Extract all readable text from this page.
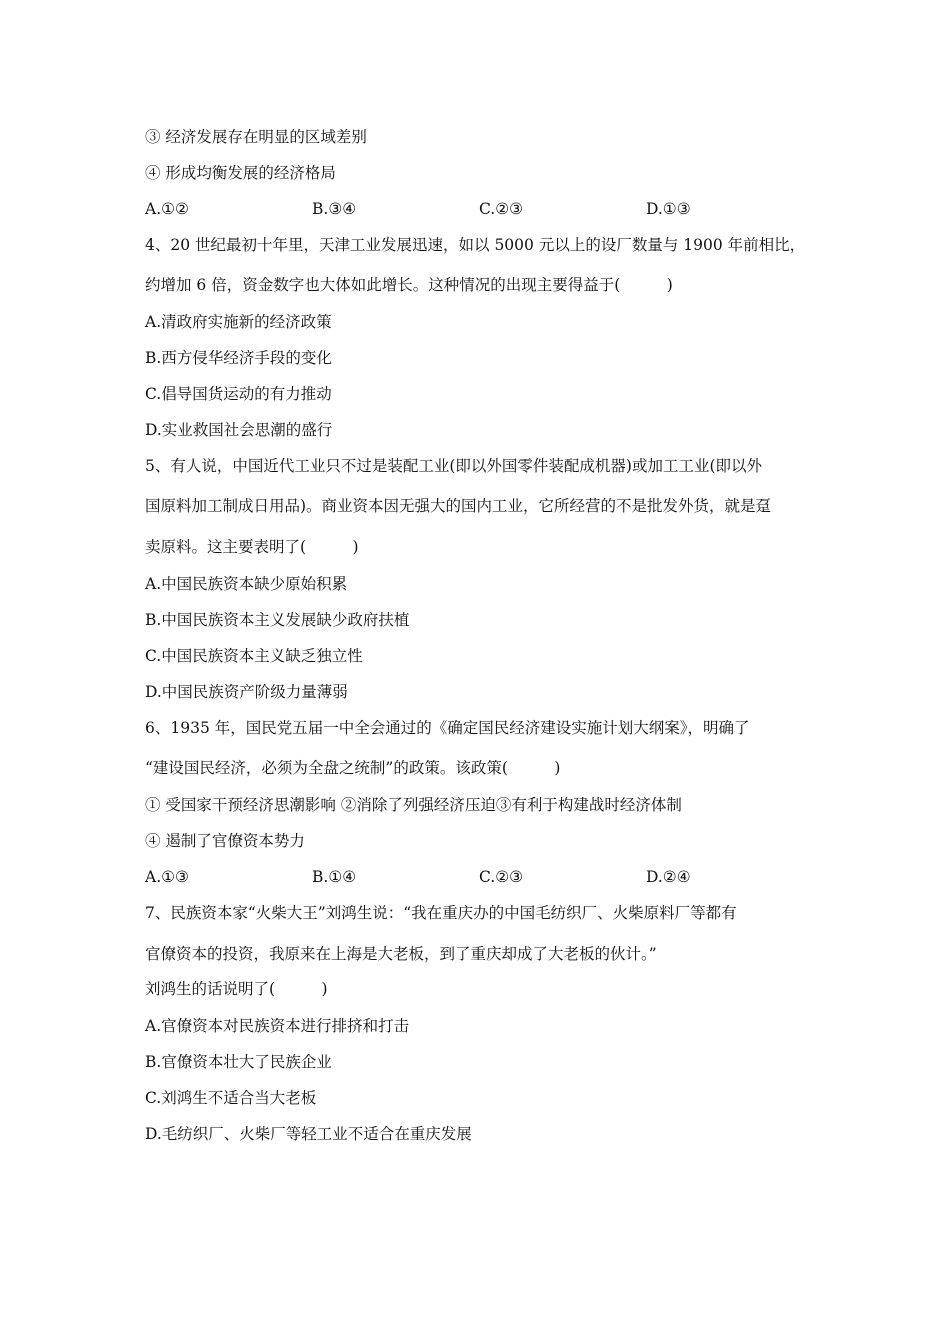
③ 经济发展存在明显的区域差别
④ 形成均衡发展的经济格局
A.①②	B.③④	C.②③	D.①③
4、20 世纪最初十年里，天津工业发展迅速，如以 5000 元以上的设厂数量与 1900 年前相比，
约增加 6 倍，资金数字也大体如此增长。这种情况的出现主要得益于(　　　)
A.清政府实施新的经济政策
B.西方侵华经济手段的变化
C.倡导国货运动的有力推动
D.实业救国社会思潮的盛行
5、有人说，中国近代工业只不过是装配工业(即以外国零件装配成机器)或加工工业(即以外
国原料加工制成日用品)。商业资本因无强大的国内工业，它所经营的不是批发外货，就是趸
卖原料。这主要表明了(　　　)
A.中国民族资本缺少原始积累
B.中国民族资本主义发展缺少政府扶植
C.中国民族资本主义缺乏独立性
D.中国民族资产阶级力量薄弱
6、1935 年，国民党五届一中全会通过的《确定国民经济建设实施计划大纲案》，明确了
“建设国民经济，必须为全盘之统制”的政策。该政策(　　　)
① 受国家干预经济思潮影响 ②消除了列强经济压迫③有利于构建战时经济体制
④ 遏制了官僚资本势力
A.①③	B.①④	C.②③	D.②④
7、民族资本家“火柴大王”刘鸿生说：“我在重庆办的中国毛纺织厂、火柴原料厂等都有
官僚资本的投资，我原来在上海是大老板，到了重庆却成了大老板的伙计。”
刘鸿生的话说明了(　　　)
A.官僚资本对民族资本进行排挤和打击
B.官僚资本壮大了民族企业
C.刘鸿生不适合当大老板
D.毛纺织厂、火柴厂等轻工业不适合在重庆发展
